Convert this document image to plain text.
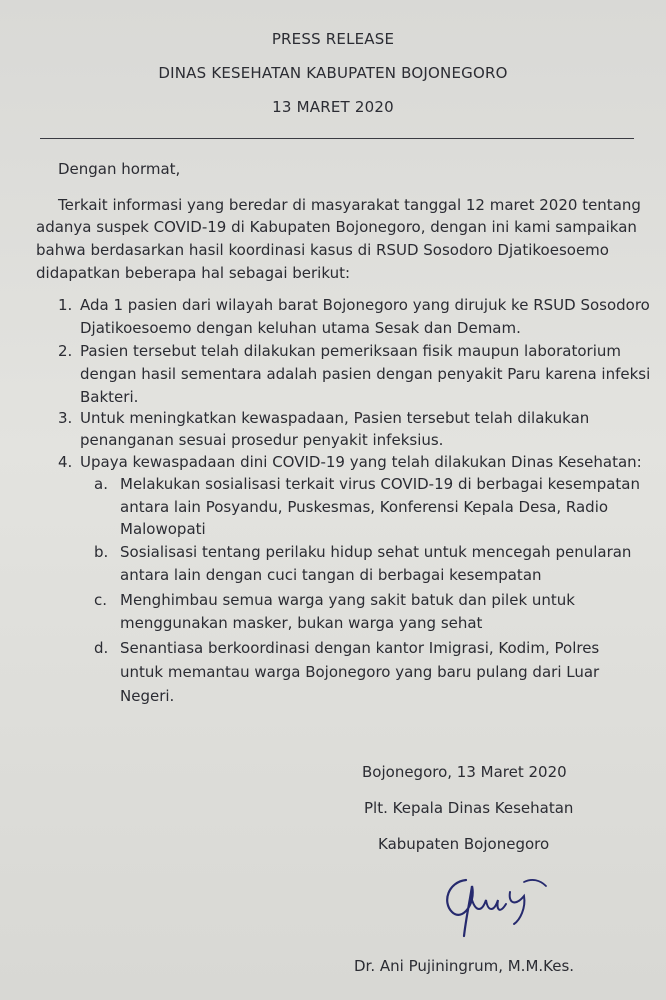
PRESS RELEASE
DINAS KESEHATAN KABUPATEN BOJONEGORO
13 MARET 2020
Dengan hormat,
Terkait informasi yang beredar di masyarakat tanggal 12 maret 2020 tentang
adanya suspek COVID-19 di Kabupaten Bojonegoro, dengan ini kami sampaikan
bahwa berdasarkan hasil koordinasi kasus di RSUD Sosodoro Djatikoesoemo
didapatkan beberapa hal sebagai berikut:
1. Ada 1 pasien dari wilayah barat Bojonegoro yang dirujuk ke RSUD Sosodoro
Djatikoesoemo dengan keluhan utama Sesak dan Demam.
2. Pasien tersebut telah dilakukan pemeriksaan fisik maupun laboratorium
dengan hasil sementara adalah pasien dengan penyakit Paru karena infeksi
Bakteri.
3. Untuk meningkatkan kewaspadaan, Pasien tersebut telah dilakukan
penanganan sesuai prosedur penyakit infeksius.
4. Upaya kewaspadaan dini COVID-19 yang telah dilakukan Dinas Kesehatan:
a. Melakukan sosialisasi terkait virus COVID-19 di berbagai kesempatan
antara lain Posyandu, Puskesmas, Konferensi Kepala Desa, Radio
Malowopati
b. Sosialisasi tentang perilaku hidup sehat untuk mencegah penularan
antara lain dengan cuci tangan di berbagai kesempatan
c. Menghimbau semua warga yang sakit batuk dan pilek untuk
menggunakan masker, bukan warga yang sehat
d. Senantiasa berkoordinasi dengan kantor Imigrasi, Kodim, Polres
untuk memantau warga Bojonegoro yang baru pulang dari Luar
Negeri.
Bojonegoro, 13 Maret 2020
Plt. Kepala Dinas Kesehatan
Kabupaten Bojonegoro
Dr. Ani Pujiningrum, M.M.Kes.
